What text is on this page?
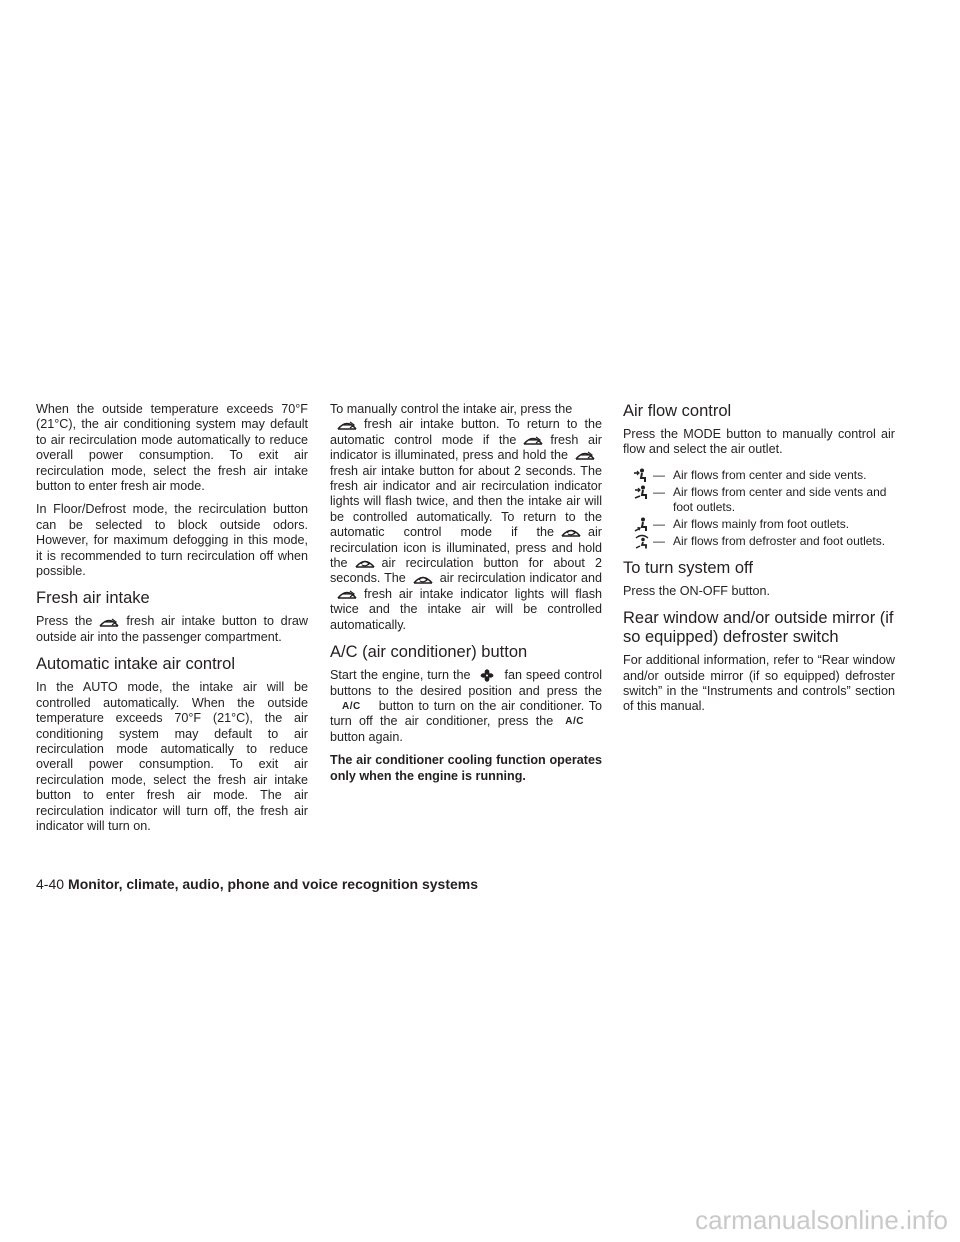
When the outside temperature exceeds 70°F (21°C), the air conditioning system may default to air recirculation mode automatically to reduce overall power consumption. To exit air recirculation mode, select the fresh air intake button to enter fresh air mode.

In Floor/Defrost mode, the recirculation button can be selected to block outside odors. However, for maximum defogging in this mode, it is recommended to turn recirculation off when possible.

Fresh air intake

Press the	fresh air intake button to draw outside air into the passenger compartment.

Automatic intake air control

In the AUTO mode, the intake air will be controlled automatically. When the outside temperature exceeds 70°F (21°C), the air conditioning system may default to air recirculation mode automatically to reduce overall power consumption. To exit air recirculation mode, select the fresh air intake button to enter fresh air mode. The air recirculation indicator will turn off, the fresh air indicator will turn on.

To manually control the intake air, press the

fresh air intake button. To return to the automatic control mode if the	fresh air indicator is illuminated, press and hold the
fresh air intake button for about 2 seconds. The fresh air indicator and air recirculation indicator lights will flash twice, and then the intake air will be controlled automatically. To return to the automatic control mode if the	air recirculation icon is illuminated, press and hold the	air recirculation button for about 2 seconds. The	air recirculation indicator and
fresh air intake indicator lights will flash twice and the intake air will be controlled automatically.

A/C (air conditioner) button

Start the engine, turn the	fan speed control buttons to the desired position and press theA/C button to turn on the air conditioner. To turn off the air conditioner, press the A/Cbutton again.

The air conditioner cooling function operates only when the engine is running.

Air flow control

Press the MODE button to manually control air flow and select the air outlet.

— Air flows from center and side vents.
— Air flows from center and side vents and foot outlets.
— Air flows mainly from foot outlets.
— Air flows from defroster and foot outlets.
To turn system off

Press the ON-OFF button.

Rear window and/or outside mirror (if so equipped) defroster switch

For additional information, refer to “Rear window and/or outside mirror (if so equipped) defroster switch” in the “Instruments and controls” section of this manual.

4-40 Monitor, climate, audio, phone and voice recognition systems
carmanualsonline.info
